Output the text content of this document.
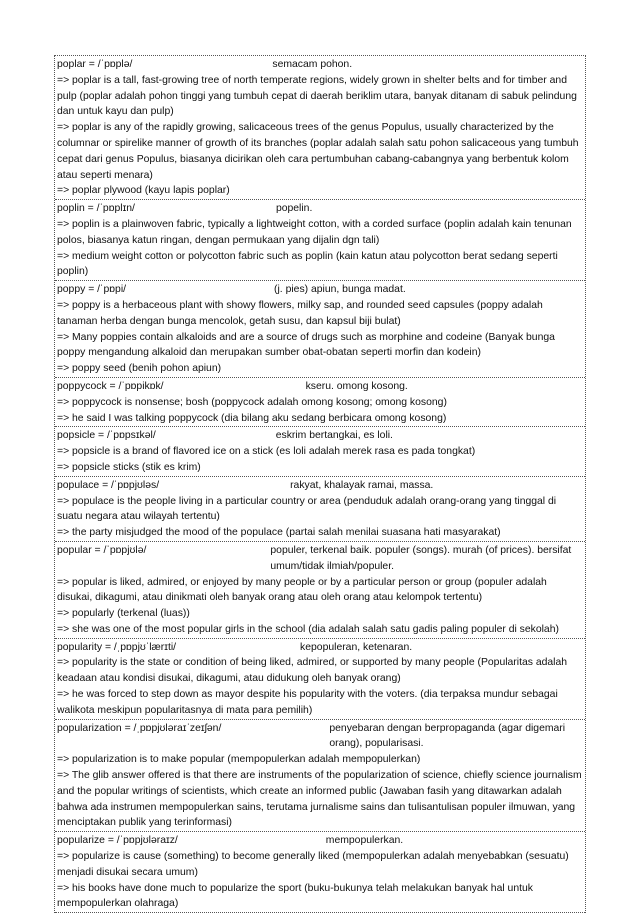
poplar = /ˈpɒplə/	semacam pohon.
=> poplar is a tall, fast-growing tree of north temperate regions, widely grown in shelter belts and for timber and pulp (poplar adalah pohon tinggi yang tumbuh cepat di daerah beriklim utara, banyak ditanam di sabuk pelindung dan untuk kayu dan pulp)
=> poplar is any of the rapidly growing, salicaceous trees of the genus Populus, usually characterized by the columnar or spirelike manner of growth of its branches (poplar adalah salah satu pohon salicaceous yang tumbuh cepat dari genus Populus, biasanya dicirikan oleh cara pertumbuhan cabang-cabangnya yang berbentuk kolom atau seperti menara)
=> poplar plywood (kayu lapis poplar)
poplin = /ˈpɒplɪn/	popelin.
=> poplin is a plainwoven fabric, typically a lightweight cotton, with a corded surface (poplin adalah kain tenunan polos, biasanya katun ringan, dengan permukaan yang dijalin dgn tali)
=> medium weight cotton or polycotton fabric such as poplin (kain katun atau polycotton berat sedang seperti poplin)
poppy = /ˈpɒpi/	(j. pies) apiun, bunga madat.
=> poppy is a herbaceous plant with showy flowers, milky sap, and rounded seed capsules (poppy adalah tanaman herba dengan bunga mencolok, getah susu, dan kapsul biji bulat)
=> Many poppies contain alkaloids and are a source of drugs such as morphine and codeine (Banyak bunga poppy mengandung alkaloid dan merupakan sumber obat-obatan seperti morfin dan kodein)
=> poppy seed (benih pohon apiun)
poppycock = /ˈpɒpikɒk/	kseru. omong kosong.
=> poppycock is nonsense; bosh (poppycock adalah omong kosong; omong kosong)
=> he said I was talking poppycock (dia bilang aku sedang berbicara omong kosong)
popsicle = /ˈpɒpsɪkəl/	eskrim bertangkai, es loli.
=> popsicle is a brand of flavored ice on a stick (es loli adalah merek rasa es pada tongkat)
=> popsicle sticks (stik es krim)
populace = /ˈpɒpjʊləs/	rakyat, khalayak ramai, massa.
=> populace is the people living in a particular country or area (penduduk adalah orang-orang yang tinggal di suatu negara atau wilayah tertentu)
=> the party misjudged the mood of the populace (partai salah menilai suasana hati masyarakat)
popular = /ˈpɒpjʊlə/	populer, terkenal baik. populer (songs). murah (of prices). bersifat umum/tidak ilmiah/populer.
=> popular is liked, admired, or enjoyed by many people or by a particular person or group (populer adalah disukai, dikagumi, atau dinikmati oleh banyak orang atau oleh orang atau kelompok tertentu)
=> popularly (terkenal (luas))
=> she was one of the most popular girls in the school (dia adalah salah satu gadis paling populer di sekolah)
popularity = /ˌpɒpjʊˈlærɪti/	kepopuleran, ketenaran.
=> popularity is the state or condition of being liked, admired, or supported by many people (Popularitas adalah keadaan atau kondisi disukai, dikagumi, atau didukung oleh banyak orang)
=> he was forced to step down as mayor despite his popularity with the voters. (dia terpaksa mundur sebagai walikota meskipun popularitasnya di mata para pemilih)
popularization = /ˌpɒpjʊləraɪˈzeɪʃən/	penyebaran dengan berpropaganda (agar digemari orang), popularisasi.
=> popularization is to make popular (mempopulerkan adalah mempopulerkan)
=> The glib answer offered is that there are instruments of the popularization of science, chiefly science journalism and the popular writings of scientists, which create an informed public (Jawaban fasih yang ditawarkan adalah bahwa ada instrumen mempopulerkan sains, terutama jurnalisme sains dan tulisantulisan populer ilmuwan, yang menciptakan publik yang terinformasi)
popularize = /ˈpɒpjʊləraɪz/	mempopulerkan.
=> popularize is cause (something) to become generally liked (mempopulerkan adalah menyebabkan (sesuatu) menjadi disukai secara umum)
=> his books have done much to popularize the sport (buku-bukunya telah melakukan banyak hal untuk mempopulerkan olahraga)
